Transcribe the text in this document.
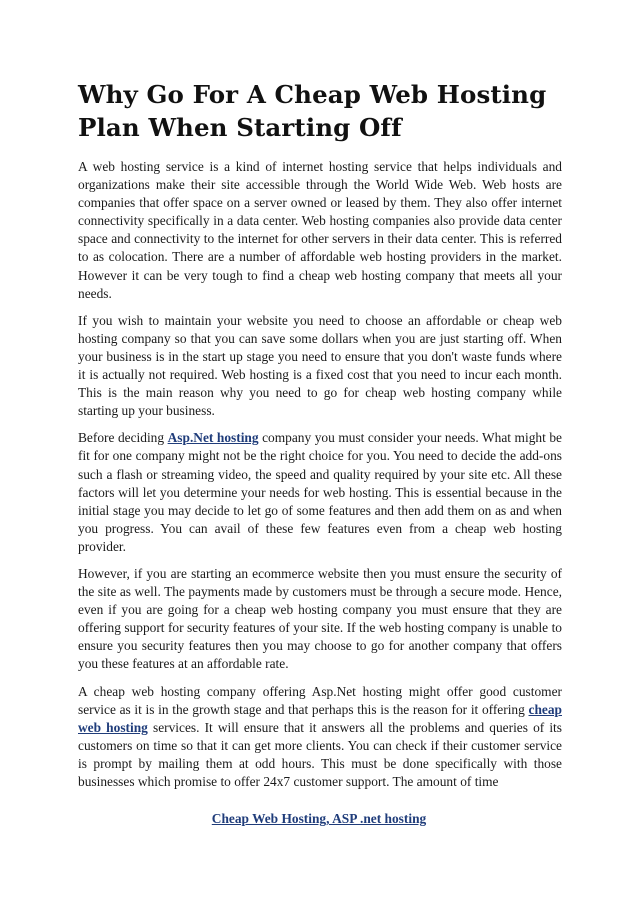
Why Go For A Cheap Web Hosting Plan When Starting Off

A web hosting service is a kind of internet hosting service that helps individuals and organizations make their site accessible through the World Wide Web. Web hosts are companies that offer space on a server owned or leased by them. They also offer internet connectivity specifically in a data center. Web hosting companies also provide data center space and connectivity to the internet for other servers in their data center. This is referred to as colocation. There are a number of affordable web hosting providers in the market. However it can be very tough to find a cheap web hosting company that meets all your needs.

If you wish to maintain your website you need to choose an affordable or cheap web hosting company so that you can save some dollars when you are just starting off. When your business is in the start up stage you need to ensure that you don't waste funds where it is actually not required. Web hosting is a fixed cost that you need to incur each month. This is the main reason why you need to go for cheap web hosting company while starting up your business.

Before deciding Asp.Net hosting company you must consider your needs. What might be fit for one company might not be the right choice for you. You need to decide the add-ons such a flash or streaming video, the speed and quality required by your site etc. All these factors will let you determine your needs for web hosting. This is essential because in the initial stage you may decide to let go of some features and then add them on as and when you progress. You can avail of these few features even from a cheap web hosting provider.

However, if you are starting an ecommerce website then you must ensure the security of the site as well. The payments made by customers must be through a secure mode. Hence, even if you are going for a cheap web hosting company you must ensure that they are offering support for security features of your site. If the web hosting company is unable to ensure you security features then you may choose to go for another company that offers you these features at an affordable rate.

A cheap web hosting company offering Asp.Net hosting might offer good customer service as it is in the growth stage and that perhaps this is the reason for it offering cheap web hosting services. It will ensure that it answers all the problems and queries of its customers on time so that it can get more clients. You can check if their customer service is prompt by mailing them at odd hours. This must be done specifically with those businesses which promise to offer 24x7 customer support. The amount of time

Cheap Web Hosting, ASP .net hosting
